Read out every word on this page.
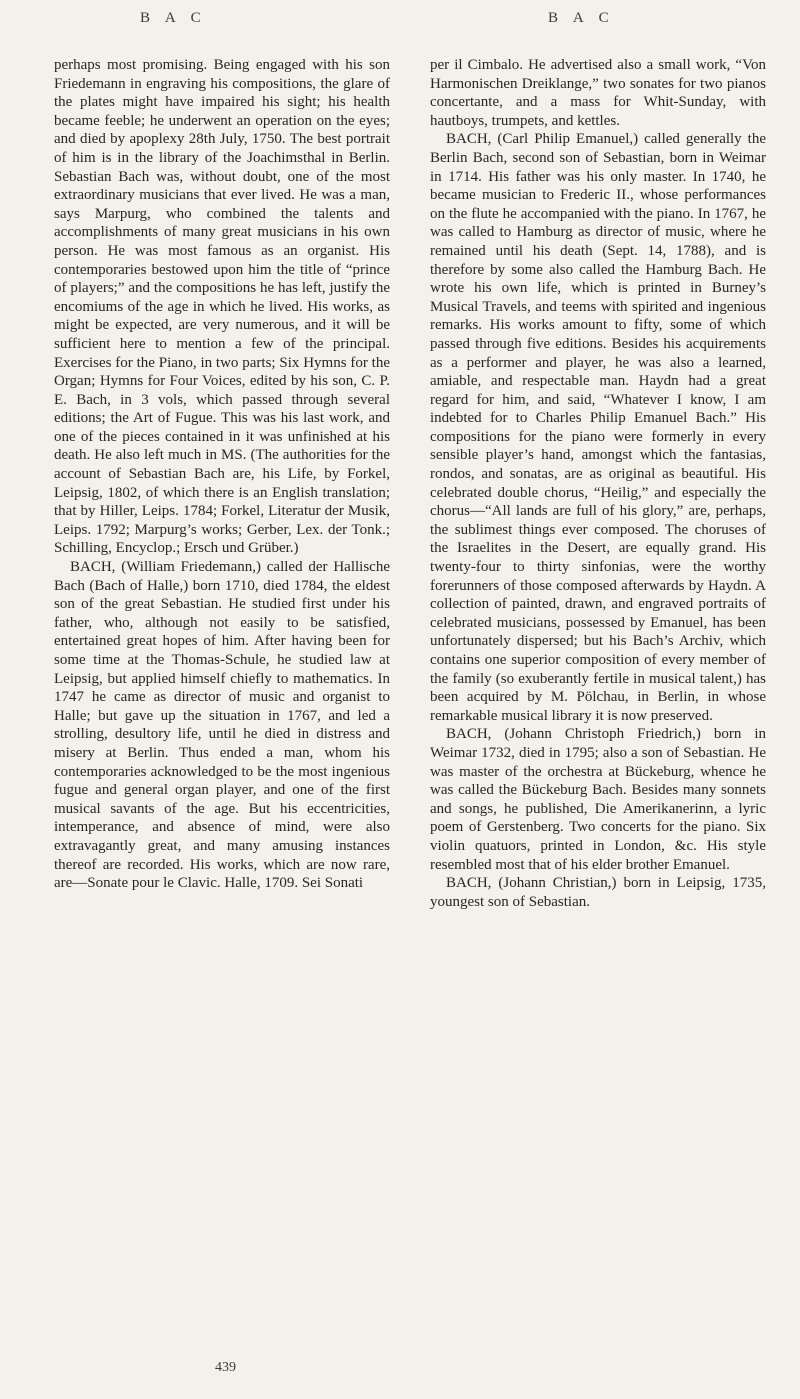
B A C	B A C

perhaps most promising. Being engaged with his son Friedemann in engraving his compositions, the glare of the plates might have impaired his sight; his health became feeble; he underwent an operation on the eyes; and died by apoplexy 28th July, 1750. The best portrait of him is in the library of the Joachimsthal in Berlin. Sebastian Bach was, without doubt, one of the most extraordinary musicians that ever lived. He was a man, says Marpurg, who combined the talents and accomplishments of many great musicians in his own person. He was most famous as an organist. His contemporaries bestowed upon him the title of “prince of players;” and the compositions he has left, justify the encomiums of the age in which he lived. His works, as might be expected, are very numerous, and it will be sufficient here to mention a few of the principal. Exercises for the Piano, in two parts; Six Hymns for the Organ; Hymns for Four Voices, edited by his son, C. P. E. Bach, in 3 vols, which passed through several editions; the Art of Fugue. This was his last work, and one of the pieces contained in it was unfinished at his death. He also left much in MS. (The authorities for the account of Sebastian Bach are, his Life, by Forkel, Leipsig, 1802, of which there is an English translation; that by Hiller, Leips. 1784; Forkel, Literatur der Musik, Leips. 1792; Marpurg’s works; Gerber, Lex. der Tonk.; Schilling, Encyclop.; Ersch und Grüber.)

BACH, (William Friedemann,) called der Hallische Bach (Bach of Halle,) born 1710, died 1784, the eldest son of the great Sebastian. He studied first under his father, who, although not easily to be satisfied, entertained great hopes of him. After having been for some time at the Thomas-Schule, he studied law at Leipsig, but applied himself chiefly to mathematics. In 1747 he came as director of music and organist to Halle; but gave up the situation in 1767, and led a strolling, desultory life, until he died in distress and misery at Berlin. Thus ended a man, whom his contemporaries acknowledged to be the most ingenious fugue and general organ player, and one of the first musical savants of the age. But his eccentricities, intemperance, and absence of mind, were also extravagantly great, and many amusing instances thereof are recorded. His works, which are now rare, are—Sonate pour le Clavic. Halle, 1709. Sei Sonati

per il Cimbalo. He advertised also a small work, “Von Harmonischen Dreiklange,” two sonates for two pianos concertante, and a mass for Whit-Sunday, with hautboys, trumpets, and kettles.

BACH, (Carl Philip Emanuel,) called generally the Berlin Bach, second son of Sebastian, born in Weimar in 1714. His father was his only master. In 1740, he became musician to Frederic II., whose performances on the flute he accompanied with the piano. In 1767, he was called to Hamburg as director of music, where he remained until his death (Sept. 14, 1788), and is therefore by some also called the Hamburg Bach. He wrote his own life, which is printed in Burney’s Musical Travels, and teems with spirited and ingenious remarks. His works amount to fifty, some of which passed through five editions. Besides his acquirements as a performer and player, he was also a learned, amiable, and respectable man. Haydn had a great regard for him, and said, “Whatever I know, I am indebted for to Charles Philip Emanuel Bach.” His compositions for the piano were formerly in every sensible player’s hand, amongst which the fantasias, rondos, and sonatas, are as original as beautiful. His celebrated double chorus, “Heilig,” and especially the chorus—“All lands are full of his glory,” are, perhaps, the sublimest things ever composed. The choruses of the Israelites in the Desert, are equally grand. His twenty-four to thirty sinfonias, were the worthy forerunners of those composed afterwards by Haydn. A collection of painted, drawn, and engraved portraits of celebrated musicians, possessed by Emanuel, has been unfortunately dispersed; but his Bach’s Archiv, which contains one superior composition of every member of the family (so exuberantly fertile in musical talent,) has been acquired by M. Pölchau, in Berlin, in whose remarkable musical library it is now preserved.

BACH, (Johann Christoph Friedrich,) born in Weimar 1732, died in 1795; also a son of Sebastian. He was master of the orchestra at Bückeburg, whence he was called the Bückeburg Bach. Besides many sonnets and songs, he published, Die Amerikanerinn, a lyric poem of Gerstenberg. Two concerts for the piano. Six violin quatuors, printed in London, &c. His style resembled most that of his elder brother Emanuel.

BACH, (Johann Christian,) born in Leipsig, 1735, youngest son of Sebastian.

439
